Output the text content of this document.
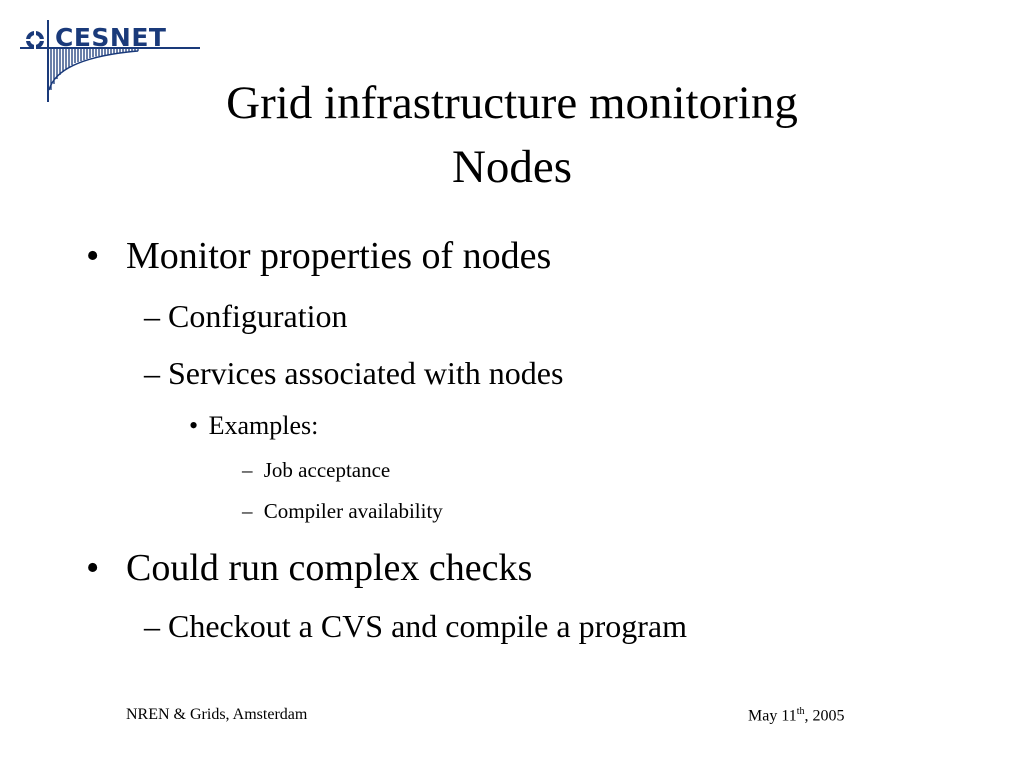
CESNET
Grid infrastructure monitoring
Nodes
• Monitor properties of nodes
– Configuration
– Services associated with nodes
• Examples:
– Job acceptance
– Compiler availability
• Could run complex checks
– Checkout a CVS and compile a program
NREN & Grids, Amsterdam	May 11th, 2005
